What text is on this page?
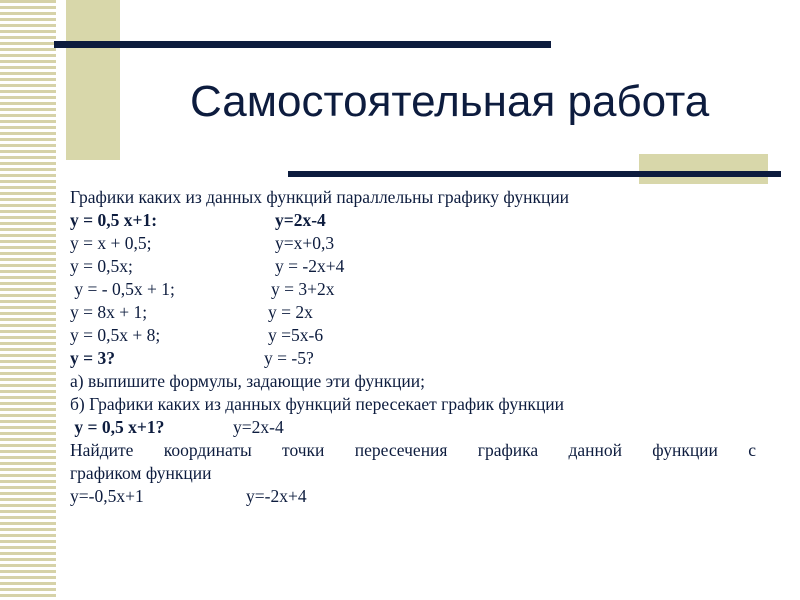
Самостоятельная работа
Графики каких из данных функций параллельны графику функции
y = 0,5 x+1:	y=2x-4
y = x + 0,5;	y=x+0,3
y = 0,5x;	y = -2x+4
y = - 0,5x + 1;	y = 3+2x
y = 8x + 1;	y = 2x
y = 0,5x + 8;	y =5x-6
y = 3?	y = -5?
а) выпишите формулы, задающие эти функции;
б) Графики каких из данных функций пересекает график функции
y = 0,5 x+1?	y=2x-4
Найдите координаты точки пересечения графика данной функции с
графиком функции
y=-0,5x+1	y=-2x+4
